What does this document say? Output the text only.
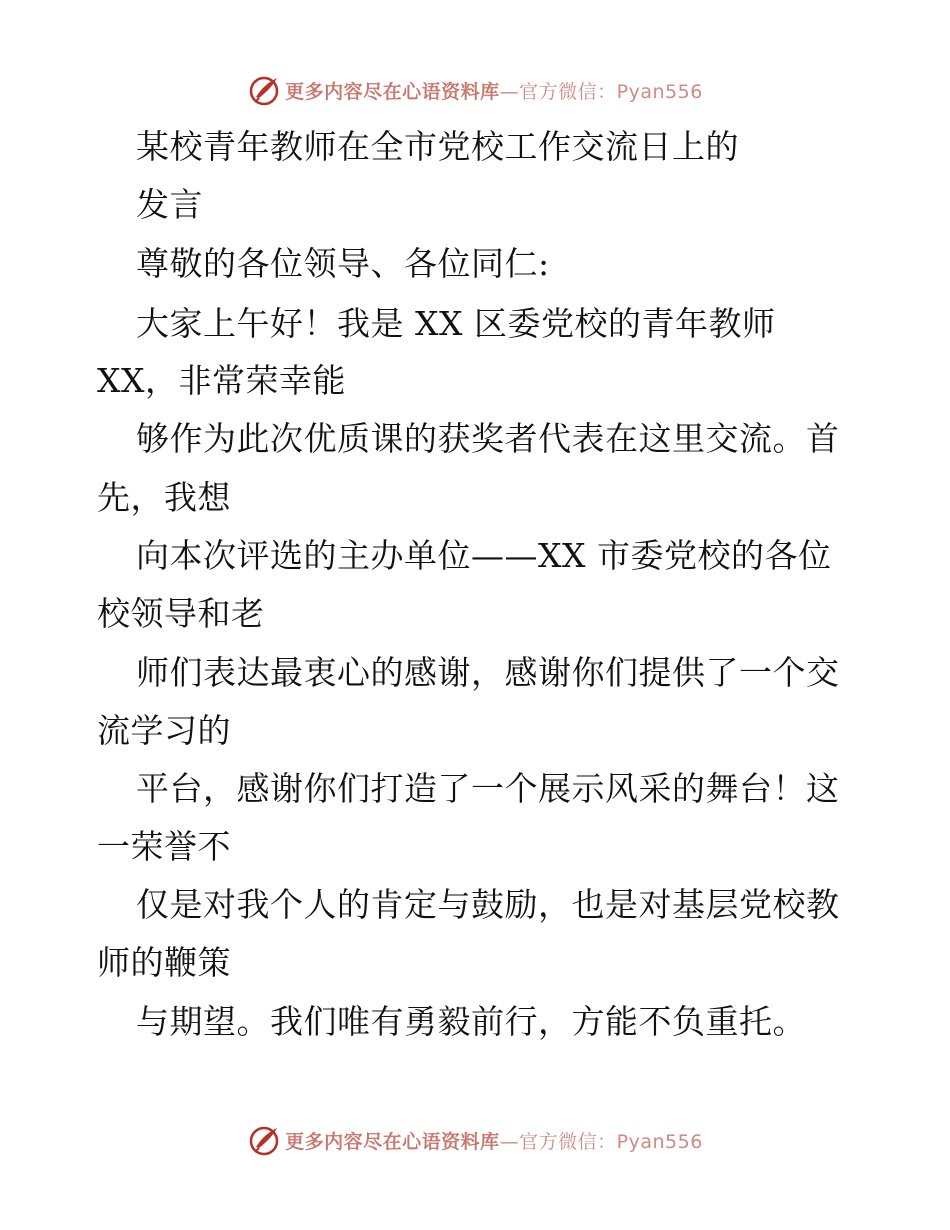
更多内容尽在心语资料库—官方微信：Pyan556
某校青年教师在全市党校工作交流日上的
发言
尊敬的各位领导、各位同仁:
大家上午好！我是 XX 区委党校的青年教师
XX，非常荣幸能
够作为此次优质课的获奖者代表在这里交流。首
先，我想
向本次评选的主办单位——XX 市委党校的各位
校领导和老
师们表达最衷心的感谢，感谢你们提供了一个交
流学习的
平台，感谢你们打造了一个展示风采的舞台！这
一荣誉不
仅是对我个人的肯定与鼓励，也是对基层党校教
师的鞭策
与期望。我们唯有勇毅前行，方能不负重托。
更多内容尽在心语资料库—官方微信：Pyan556
